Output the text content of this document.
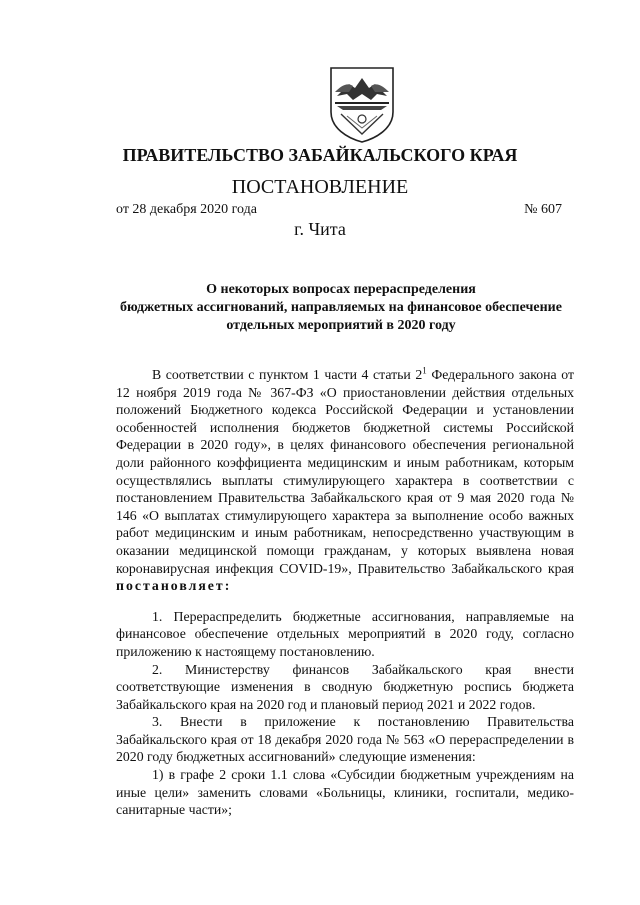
ПРАВИТЕЛЬСТВО ЗАБАЙКАЛЬСКОГО КРАЯ
ПОСТАНОВЛЕНИЕ
от 28 декабря 2020 года	№ 607
г. Чита
О некоторых вопросах перераспределения
бюджетных ассигнований, направляемых на финансовое обеспечение
отдельных мероприятий в 2020 году

В соответствии с пунктом 1 части 4 статьи $2^1$ Федерального закона от 12 ноября 2019 года № 367-ФЗ «О приостановлении действия отдельных положений Бюджетного кодекса Российской Федерации и установлении особенностей исполнения бюджетов бюджетной системы Российской Федерации в 2020 году», в целях финансового обеспечения региональной доли районного коэффициента медицинским и иным работникам, которым осуществлялись выплаты стимулирующего характера в соответствии с постановлением Правительства Забайкальского края от 9 мая 2020 года № 146 «О выплатах стимулирующего характера за выполнение особо важных работ медицинским и иным работникам, непосредственно участвующим в оказании медицинской помощи гражданам, у которых выявлена новая коронавирусная инфекция COVID-19», Правительство Забайкальского края постановляет:

1. Перераспределить бюджетные ассигнования, направляемые на финансовое обеспечение отдельных мероприятий в 2020 году, согласно приложению к настоящему постановлению.

2. Министерству финансов Забайкальского края внести соответствующие изменения в сводную бюджетную роспись бюджета Забайкальского края на 2020 год и плановый период 2021 и 2022 годов.

3. Внести в приложение к постановлению Правительства Забайкальского края от 18 декабря 2020 года № 563 «О перераспределении в 2020 году бюджетных ассигнований» следующие изменения:

1) в графе 2 сроки 1.1 слова «Субсидии бюджетным учреждениям на иные цели» заменить словами «Больницы, клиники, госпитали, медико-санитарные части»;
